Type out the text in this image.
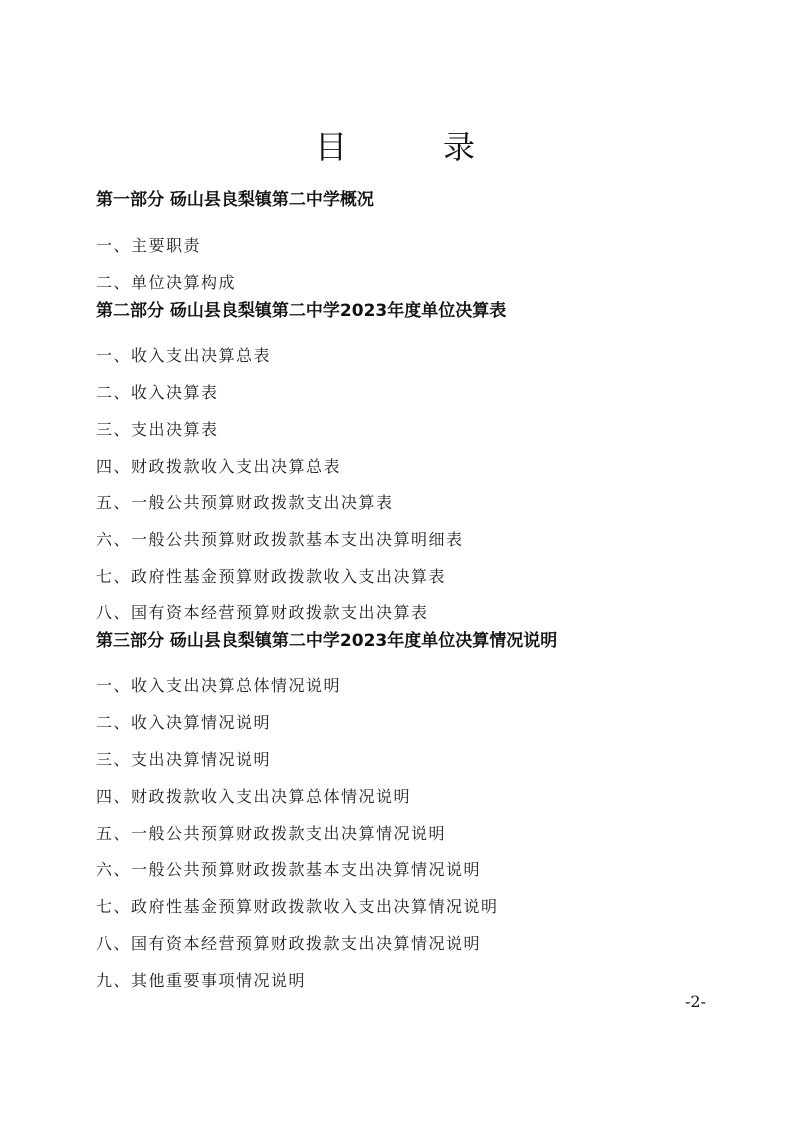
目　录
第一部分 砀山县良梨镇第二中学概况
一、主要职责
二、单位决算构成
第二部分 砀山县良梨镇第二中学2023年度单位决算表
一、收入支出决算总表
二、收入决算表
三、支出决算表
四、财政拨款收入支出决算总表
五、一般公共预算财政拨款支出决算表
六、一般公共预算财政拨款基本支出决算明细表
七、政府性基金预算财政拨款收入支出决算表
八、国有资本经营预算财政拨款支出决算表
第三部分 砀山县良梨镇第二中学2023年度单位决算情况说明
一、收入支出决算总体情况说明
二、收入决算情况说明
三、支出决算情况说明
四、财政拨款收入支出决算总体情况说明
五、一般公共预算财政拨款支出决算情况说明
六、一般公共预算财政拨款基本支出决算情况说明
七、政府性基金预算财政拨款收入支出决算情况说明
八、国有资本经营预算财政拨款支出决算情况说明
九、其他重要事项情况说明
-2-
